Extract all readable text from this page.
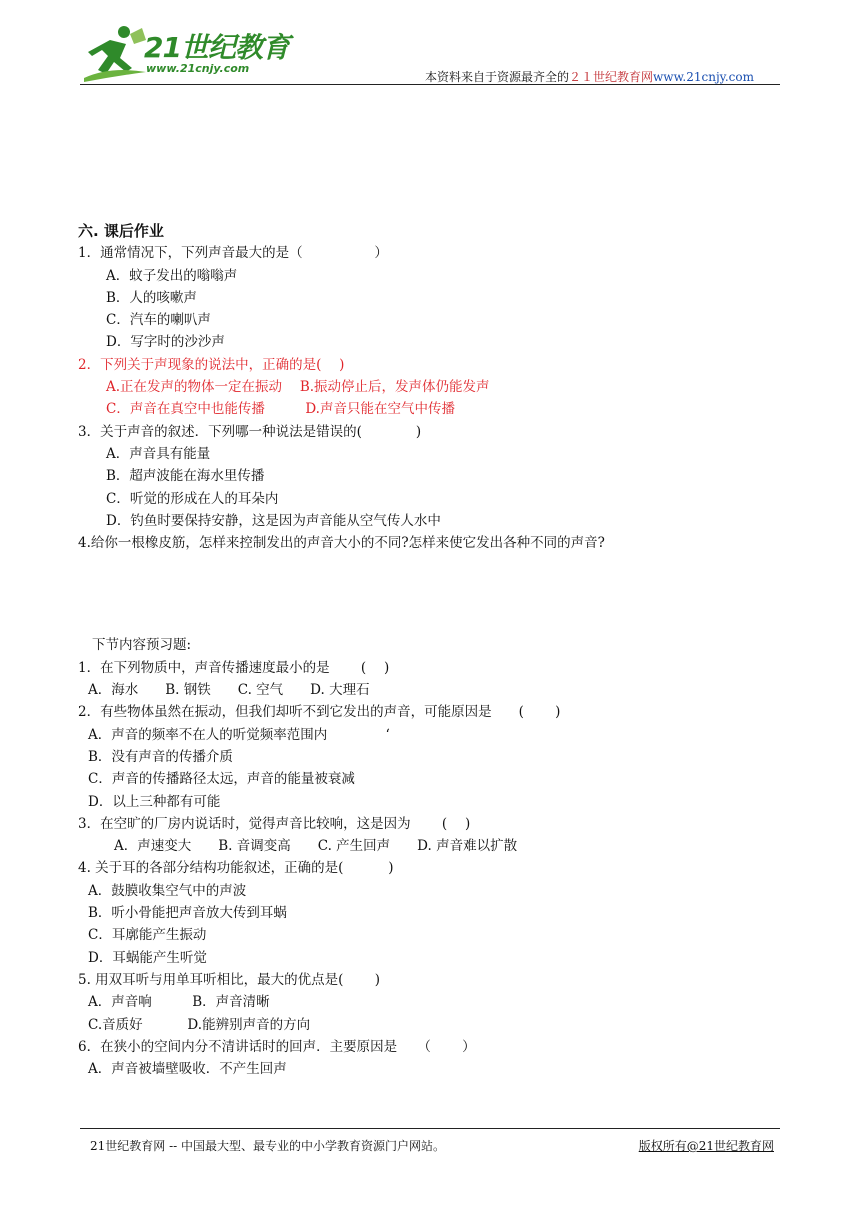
21世纪教育
www.21cnjy.com
本资料来自于资源最齐全的２１世纪教育网www.21cnjy.com
六. 课后作业
1．通常情况下，下列声音最大的是（ 　　　　　）
A．蚊子发出的嗡嗡声
B．人的咳嗽声
C．汽车的喇叭声
D．写字时的沙沙声
2．下列关于声现象的说法中，正确的是(　 )
A.正在发声的物体一定在振动　 B.振动停止后，发声体仍能发声
C．声音在真空中也能传播　　　D.声音只能在空气中传播
3．关于声音的叙述．下列哪一种说法是错误的(　　　　)
A．声音具有能量
B．超声波能在海水里传播
C．听觉的形成在人的耳朵内
D．钓鱼时要保持安静，这是因为声音能从空气传人水中
4.给你一根橡皮筋，怎样来控制发出的声音大小的不同?怎样来使它发出各种不同的声音?
下节内容预习题:
1．在下列物质中，声音传播速度最小的是　　 (　 )
A．海水　　B. 钢铁　　C. 空气　　D. 大理石
2．有些物体虽然在振动，但我们却听不到它发出的声音，可能原因是　　(　　 )
A．声音的频率不在人的听觉频率范围内　　　　 ‘
B．没有声音的传播介质
C．声音的传播路径太远，声音的能量被衰减
D．以上三种都有可能
3．在空旷的厂房内说话时，觉得声音比较响，这是因为　　 (　 )
A．声速变大　　B. 音调变高　　C. 产生回声　　D. 声音难以扩散
4. 关于耳的各部分结构功能叙述，正确的是(　　　 )
A．鼓膜收集空气中的声波
B．听小骨能把声音放大传到耳蜗
C．耳廓能产生振动
D．耳蜗能产生听觉
5. 用双耳听与用单耳听相比，最大的优点是(　　 )
A．声音响　　　B．声音清晰
C.音质好　　　 D.能辨别声音的方向
6．在狭小的空间内分不清讲话时的回声．主要原因是　　（　　 ）
A．声音被墙壁吸收．不产生回声
21世纪教育网 -- 中国最大型、最专业的中小学教育资源门户网站。	版权所有@21世纪教育网
